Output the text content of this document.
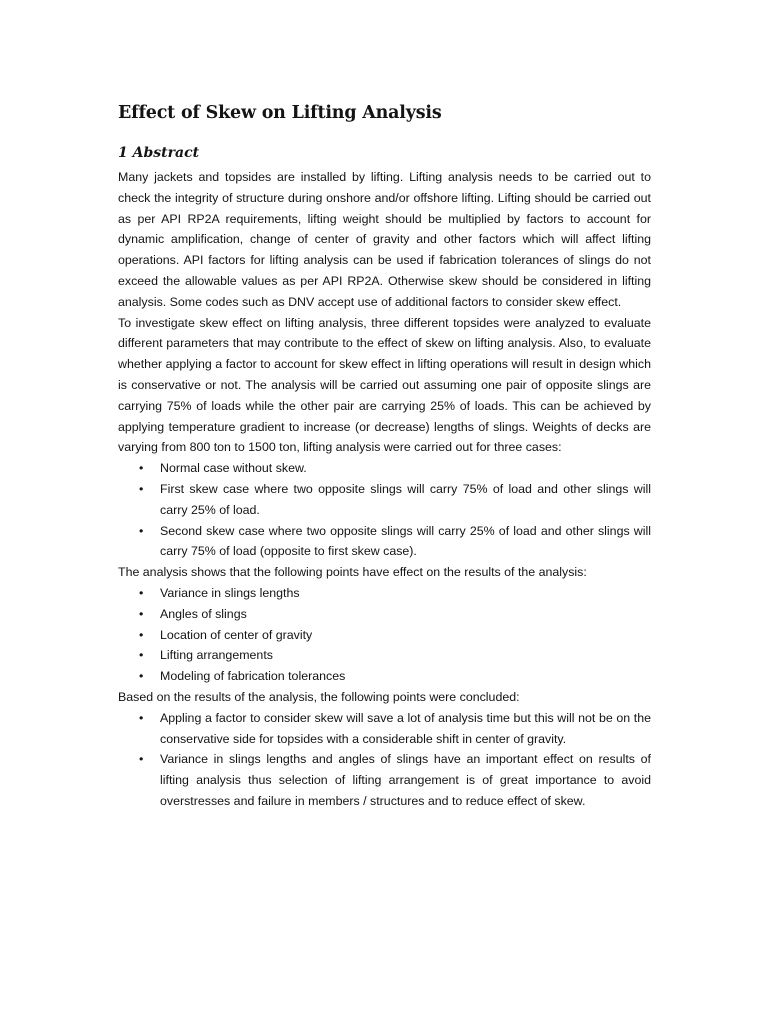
Effect of Skew on Lifting Analysis
1 Abstract

Many jackets and topsides are installed by lifting. Lifting analysis needs to be carried out to check the integrity of structure during onshore and/or offshore lifting. Lifting should be carried out as per API RP2A requirements, lifting weight should be multiplied by factors to account for dynamic amplification, change of center of gravity and other factors which will affect lifting operations. API factors for lifting analysis can be used if fabrication tolerances of slings do not exceed the allowable values as per API RP2A. Otherwise skew should be considered in lifting analysis. Some codes such as DNV accept use of additional factors to consider skew effect.

To investigate skew effect on lifting analysis, three different topsides were analyzed to evaluate different parameters that may contribute to the effect of skew on lifting analysis. Also, to evaluate whether applying a factor to account for skew effect in lifting operations will result in design which is conservative or not. The analysis will be carried out assuming one pair of opposite slings are carrying 75% of loads while the other pair are carrying 25% of loads. This can be achieved by applying temperature gradient to increase (or decrease) lengths of slings. Weights of decks are varying from 800 ton to 1500 ton, lifting analysis were carried out for three cases:

• Normal case without skew.
• First skew case where two opposite slings will carry 75% of load and other slings will carry 25% of load.
• Second skew case where two opposite slings will carry 25% of load and other slings will carry 75% of load (opposite to first skew case).

The analysis shows that the following points have effect on the results of the analysis:

• Variance in slings lengths
• Angles of slings
• Location of center of gravity
• Lifting arrangements
• Modeling of fabrication tolerances

Based on the results of the analysis, the following points were concluded:

• Appling a factor to consider skew will save a lot of analysis time but this will not be on the conservative side for topsides with a considerable shift in center of gravity.
• Variance in slings lengths and angles of slings have an important effect on results of lifting analysis thus selection of lifting arrangement is of great importance to avoid overstresses and failure in members / structures and to reduce effect of skew.
